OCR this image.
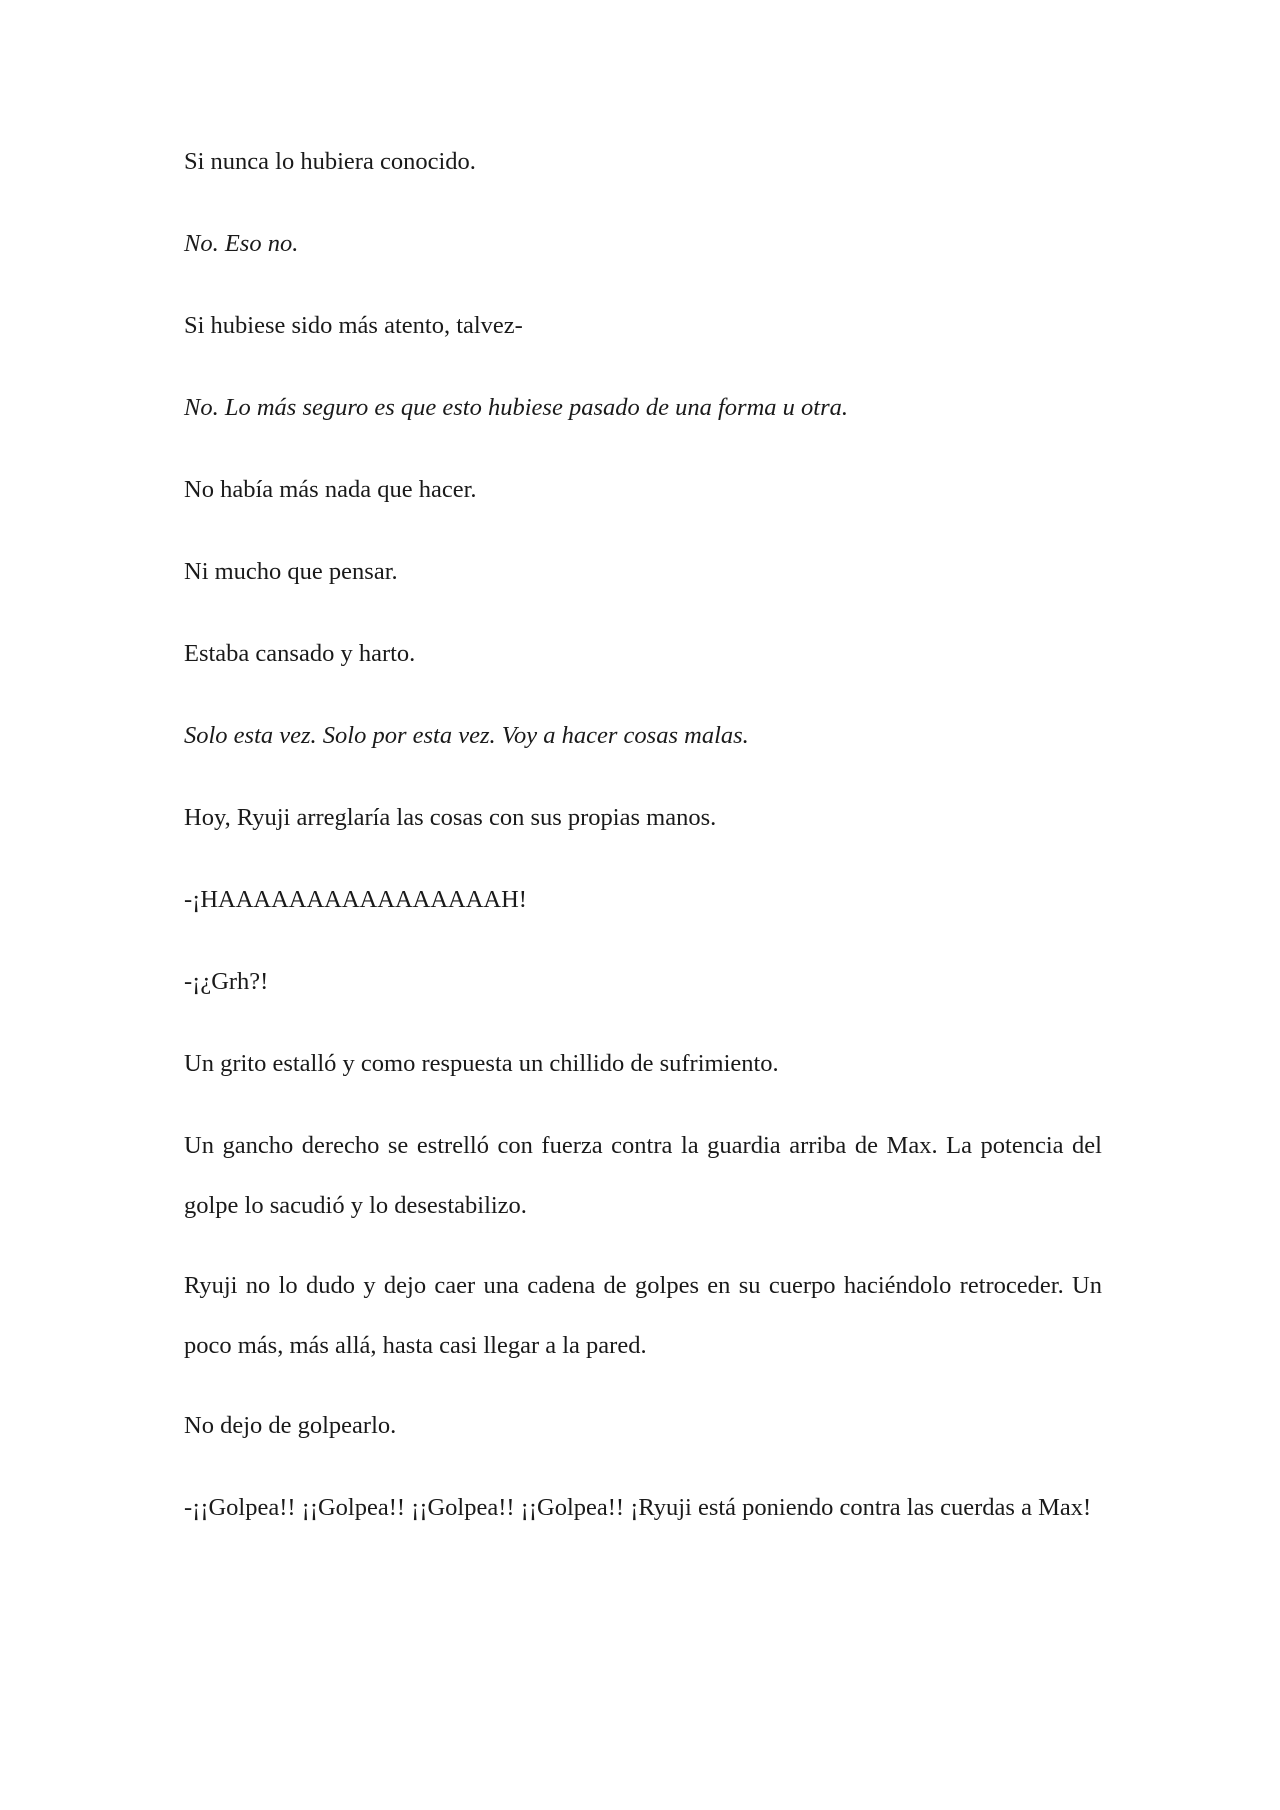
Si nunca lo hubiera conocido.

No. Eso no.

Si hubiese sido más atento, talvez-

No. Lo más seguro es que esto hubiese pasado de una forma u otra.

No había más nada que hacer.

Ni mucho que pensar.

Estaba cansado y harto.

Solo esta vez. Solo por esta vez. Voy a hacer cosas malas.

Hoy, Ryuji arreglaría las cosas con sus propias manos.

-¡HAAAAAAAAAAAAAAAAH!

-¡¿Grh?!

Un grito estalló y como respuesta un chillido de sufrimiento.

Un gancho derecho se estrelló con fuerza contra la guardia arriba de Max. La potencia del golpe lo sacudió y lo desestabilizo.

Ryuji no lo dudo y dejo caer una cadena de golpes en su cuerpo haciéndolo retroceder. Un poco más, más allá, hasta casi llegar a la pared.

No dejo de golpearlo.

-¡¡Golpea!! ¡¡Golpea!! ¡¡Golpea!! ¡¡Golpea!! ¡Ryuji está poniendo contra las cuerdas a Max!
